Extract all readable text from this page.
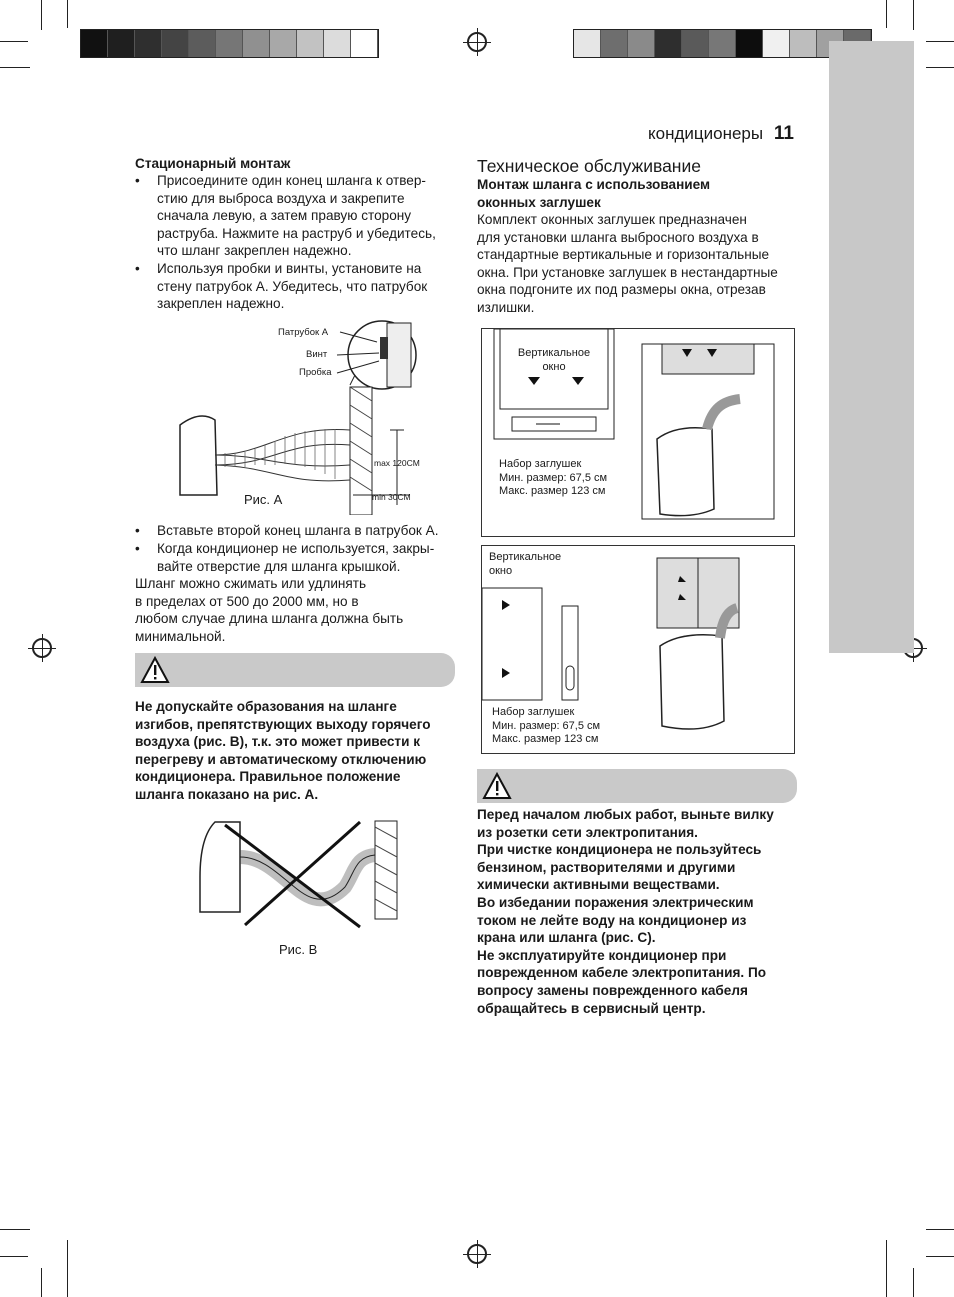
кондиционеры 11
Стационарный монтаж
• Присоедините один конец шланга к отвер-
стию для выброса воздуха и закрепите
сначала левую, а затем правую сторону
раструба. Нажмите на раструб и убедитесь,
что шланг закреплен надежно.
• Используя пробки и винты, установите на
стену патрубок А. Убедитесь, что патрубок
закреплен надежно.
Патрубок А
Винт
Пробка
max 120CM
min 30CM
Рис. A
• Вставьте второй конец шланга в патрубок А.
• Когда кондиционер не используется, закры-
вайте отверстие для шланга крышкой.
Шланг можно сжимать или удлинять
в пределах от 500 до 2000 мм, но в
любом случае длина шланга должна быть
минимальной.
Не допускайте образования на шланге
изгибов, препятствующих выходу горячего
воздуха (рис. B), т.к. это может привести к
перегреву и автоматическому отключению
кондиционера. Правильное положение
шланга показано на рис. А.
Рис. B
Техническое обслуживание
Монтаж шланга с использованием
оконных заглушек
Комплект оконных заглушек предназначен
для установки шланга выбросного воздуха в
стандартные вертикальные и горизонтальные
окна. При установке заглушек в нестандартные
окна подгоните их под размеры окна, отрезав
излишки.
Вертикальное
окно
Набор заглушек
Мин. размер: 67,5 см
Макс. размер 123 см
Вертикальное
окно
Набор заглушек
Мин. размер: 67,5 см
Макс. размер 123 см
Перед началом любых работ, выньте вилку
из розетки сети электропитания.
При чистке кондиционера не пользуйтесь
бензином, растворителями и другими
химически активными веществами.
Во избедании поражения электрическим
током не лейте воду на кондиционер из
крана или шланга (рис. C).
Не эксплуатируйте кондиционер при
поврежденном кабеле электропитания. По
вопросу замены поврежденного кабеля
обращайтесь в сервисный центр.
